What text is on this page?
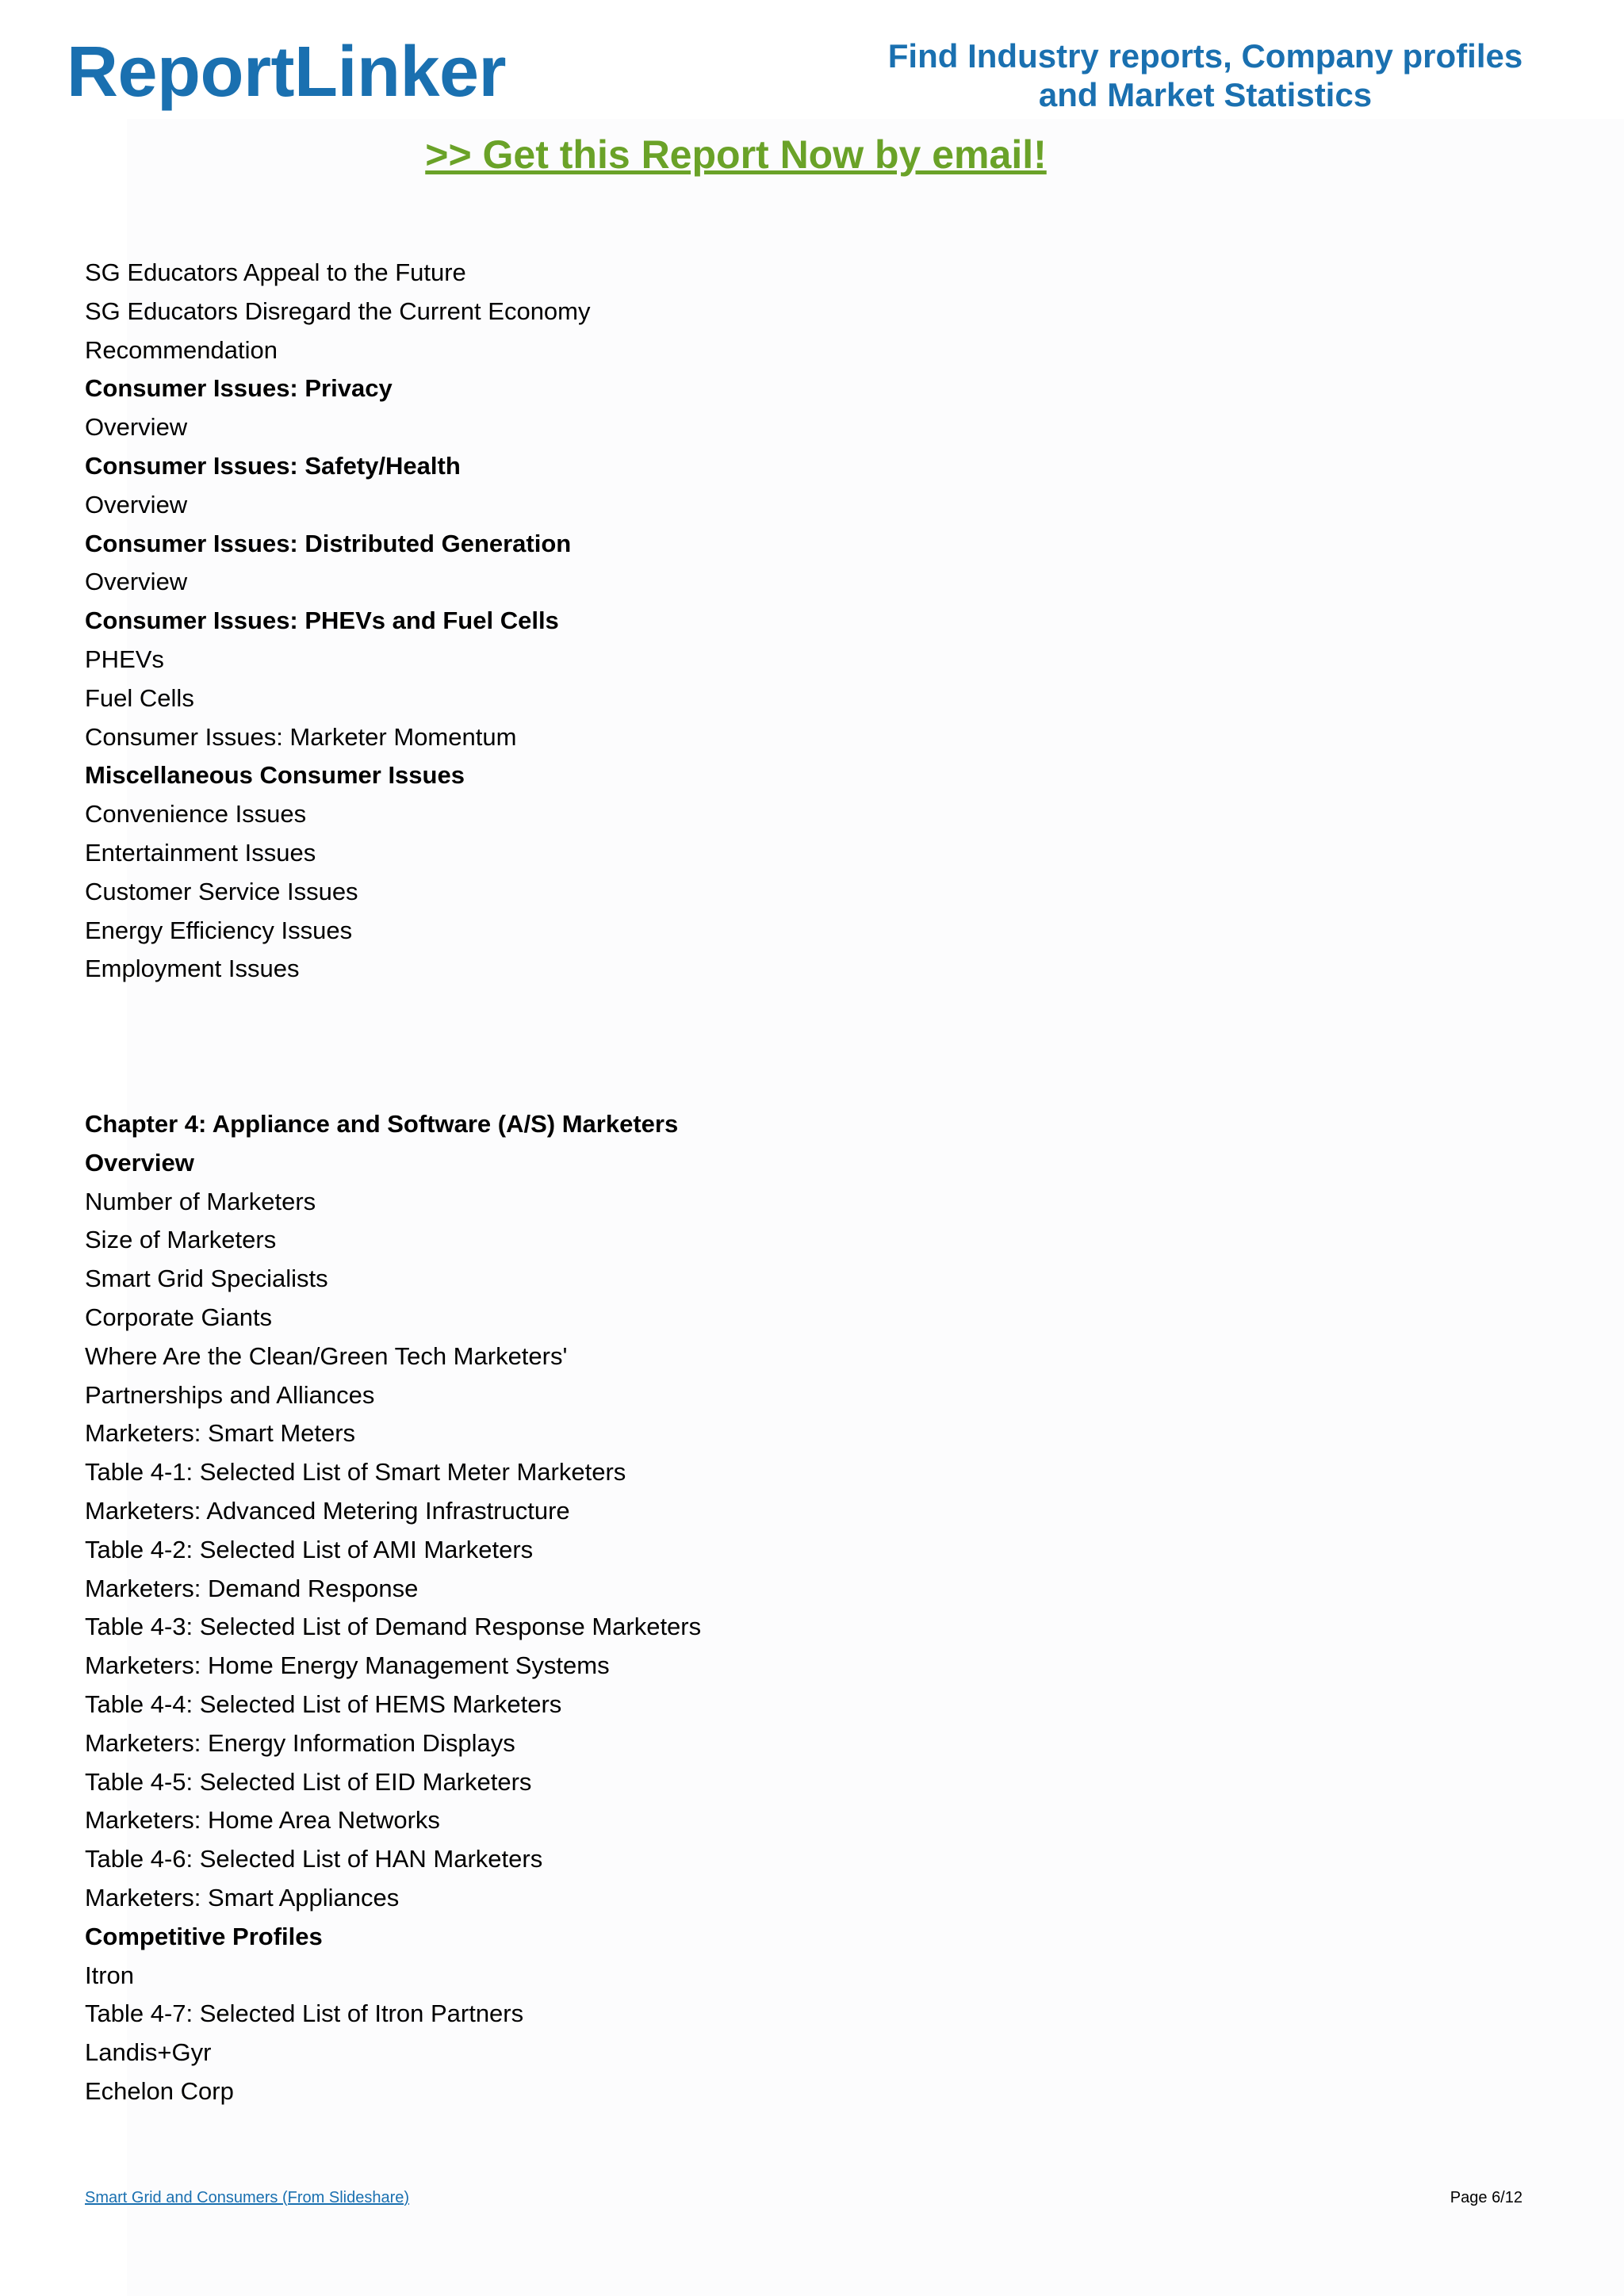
ReportLinker	Find Industry reports, Company profiles
and Market Statistics
>> Get this Report Now by email!
SG Educators Appeal to the Future
SG Educators Disregard the Current Economy
Recommendation
Consumer Issues: Privacy
Overview
Consumer Issues: Safety/Health
Overview
Consumer Issues: Distributed Generation
Overview
Consumer Issues: PHEVs and Fuel Cells
PHEVs
Fuel Cells
Consumer Issues: Marketer Momentum
Miscellaneous Consumer Issues
Convenience Issues
Entertainment Issues
Customer Service Issues
Energy Efficiency Issues
Employment Issues
Chapter 4: Appliance and Software (A/S) Marketers
Overview
Number of Marketers
Size of Marketers
Smart Grid Specialists
Corporate Giants
Where Are the Clean/Green Tech Marketers'
Partnerships and Alliances
Marketers: Smart Meters
Table 4-1: Selected List of Smart Meter Marketers
Marketers: Advanced Metering Infrastructure
Table 4-2: Selected List of AMI Marketers
Marketers: Demand Response
Table 4-3: Selected List of Demand Response Marketers
Marketers: Home Energy Management Systems
Table 4-4: Selected List of HEMS Marketers
Marketers: Energy Information Displays
Table 4-5: Selected List of EID Marketers
Marketers: Home Area Networks
Table 4-6: Selected List of HAN Marketers
Marketers: Smart Appliances
Competitive Profiles
Itron
Table 4-7: Selected List of Itron Partners
Landis+Gyr
Echelon Corp
Smart Grid and Consumers (From Slideshare)	Page 6/12
